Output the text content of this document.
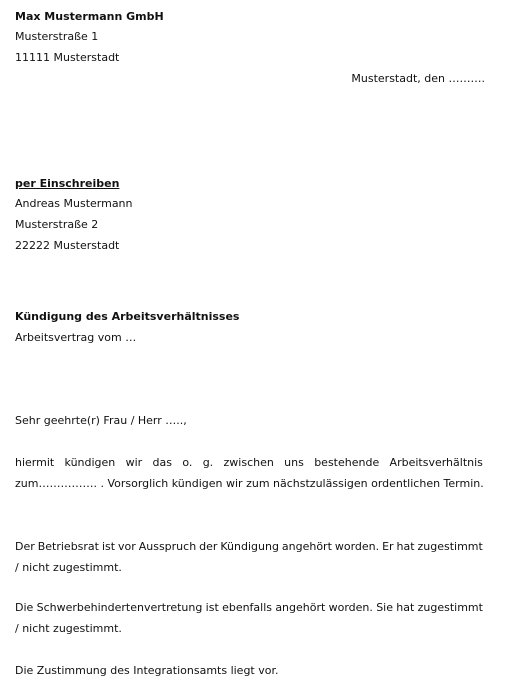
Max Mustermann GmbH
Musterstraße 1
11111 Musterstadt
Musterstadt, den ……….
per Einschreiben
Andreas Mustermann
Musterstraße 2
22222 Musterstadt
Kündigung des Arbeitsverhältnisses
Arbeitsvertrag vom …
Sehr geehrte(r) Frau / Herr …..,
hiermit kündigen wir das o. g. zwischen uns bestehende Arbeitsverhältnis
zum……………. . Vorsorglich kündigen wir zum nächstzulässigen ordentlichen Termin.
Der Betriebsrat ist vor Ausspruch der Kündigung angehört worden. Er hat zugestimmt
/ nicht zugestimmt.
Die Schwerbehindertenvertretung ist ebenfalls angehört worden. Sie hat zugestimmt
/ nicht zugestimmt.
Die Zustimmung des Integrationsamts liegt vor.
